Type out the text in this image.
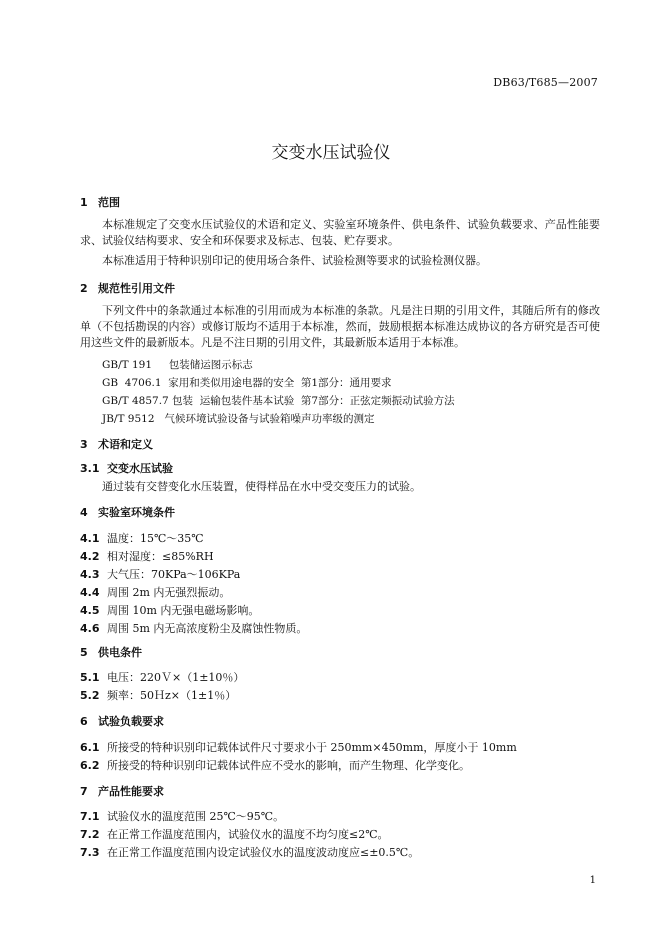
DB63/T685—2007
交变水压试验仪
1 范围
本标准规定了交变水压试验仪的术语和定义、实验室环境条件、供电条件、试验负载要求、产品性能要求、试验仪结构要求、安全和环保要求及标志、包装、贮存要求。
本标准适用于特种识别印记的使用场合条件、试验检测等要求的试验检测仪器。
2 规范性引用文件
下列文件中的条款通过本标准的引用而成为本标准的条款。凡是注日期的引用文件，其随后所有的修改单（不包括勘误的内容）或修订版均不适用于本标准，然而，鼓励根据本标准达成协议的各方研究是否可使用这些文件的最新版本。凡是不注日期的引用文件，其最新版本适用于本标准。
GB/T 191     包装储运图示标志
GB  4706.1  家用和类似用途电器的安全  第1部分：通用要求
GB/T 4857.7 包装  运输包装件基本试验  第7部分：正弦定频振动试验方法
JB/T 9512   气候环境试验设备与试验箱噪声功率级的测定
3 术语和定义
3.1 交变水压试验
通过装有交替变化水压装置，使得样品在水中受交变压力的试验。
4 实验室环境条件
4.1 温度：15℃～35℃
4.2 相对湿度：≤85%RH
4.3 大气压：70KPa～106KPa
4.4 周围 2m 内无强烈振动。
4.5 周围 10m 内无强电磁场影响。
4.6 周围 5m 内无高浓度粉尘及腐蚀性物质。
5 供电条件
5.1 电压：220Ｖ×（1±10％）
5.2 频率：50Ｈz×（1±1％）
6 试验负载要求
6.1 所接受的特种识别印记载体试件尺寸要求小于 250mm×450mm，厚度小于 10mm
6.2 所接受的特种识别印记载体试件应不受水的影响，而产生物理、化学变化。
7 产品性能要求
7.1 试验仪水的温度范围 25℃～95℃。
7.2 在正常工作温度范围内，试验仪水的温度不均匀度≤2℃。
7.3 在正常工作温度范围内设定试验仪水的温度波动度应≤±0.5℃。
1
